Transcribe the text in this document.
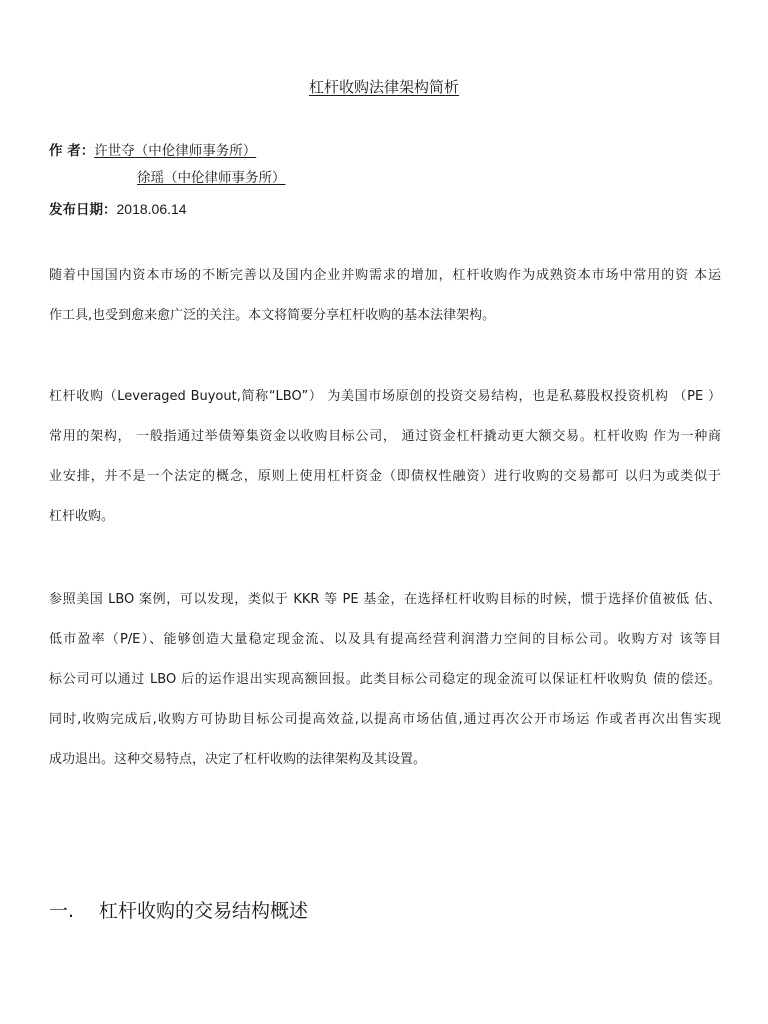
杠杆收购法律架构简析
作 者：许世夺（中伦律师事务所）
徐瑶（中伦律师事务所）
发布日期：2018.06.14
随着中国国内资本市场的不断完善以及国内企业并购需求的增加，杠杆收购作为成熟资本市场中常用的资 本运
作工具,也受到愈来愈广泛的关注。本文将简要分享杠杆收购的基本法律架构。
杠杆收购（Leveraged Buyout,简称“LBO”） 为美国市场原创的投资交易结构，也是私募股权投资机构 （PE ）
常用的架构， 一般指通过举债筹集资金以收购目标公司， 通过资金杠杆撬动更大额交易。杠杆收购 作为一种商
业安排，并不是一个法定的概念，原则上使用杠杆资金（即债权性融资）进行收购的交易都可 以归为或类似于
杠杆收购。
参照美国 LBO 案例，可以发现，类似于 KKR 等 PE 基金，在选择杠杆收购目标的时候，惯于选择价值被低 估、
低市盈率（P/E）、能够创造大量稳定现金流、以及具有提高经营利润潜力空间的目标公司。收购方对 该等目
标公司可以通过 LBO 后的运作退出实现高额回报。此类目标公司稳定的现金流可以保证杠杆收购负 债的偿还。
同时,收购完成后,收购方可协助目标公司提高效益,以提高市场估值,通过再次公开市场运 作或者再次出售实现
成功退出。这种交易特点，决定了杠杆收购的法律架构及其设置。
一. 杠杆收购的交易结构概述
